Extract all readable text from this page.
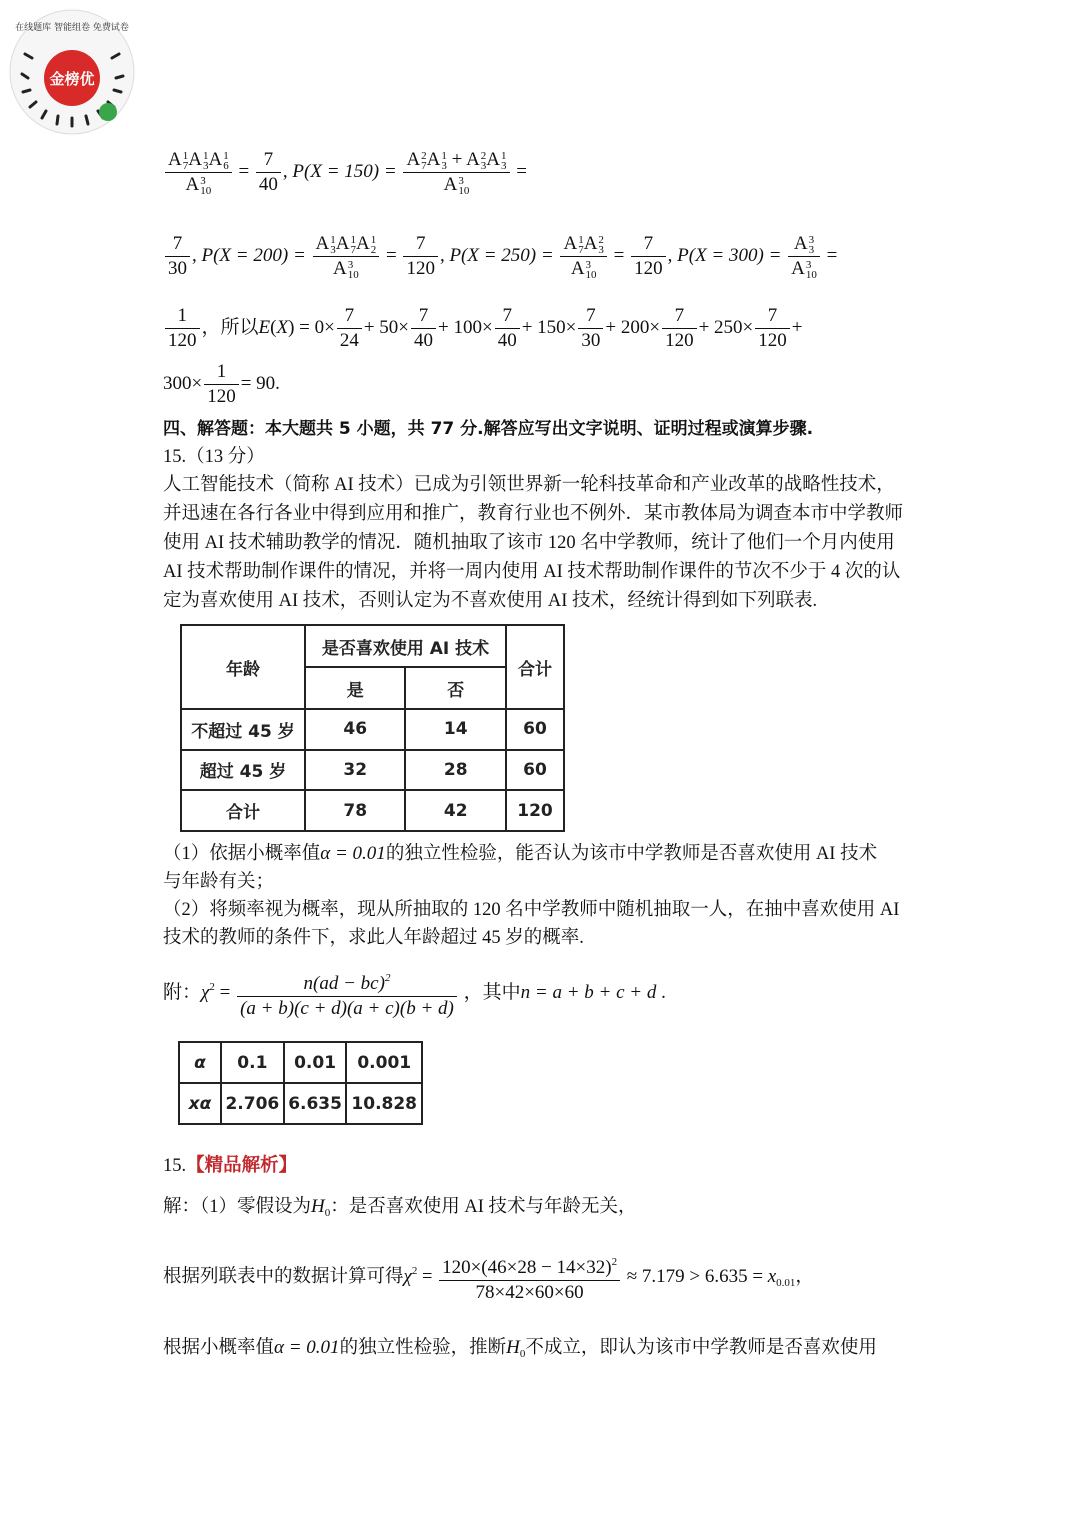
金榜优
在线题库 智能组卷 免费试卷
A 1
7 A 1
3 A 1
6
A 3
$10 = \frac{7}{40}$ , P(X = 150) = A 2
7 A 1
3 + A 2
3 A 1
3
A 3
10 =
$\frac{7}{30}$ , P(X = 200) = A 1
3 A 1
7 A 1
2
A 3
$10 = \frac{7}{120}$ , P(X = 250) = A 1
7 A 2
3
A 3
$10 = \frac{7}{120}$ , P(X = 300) = A 3
3
A 3
10 =
$\frac{1}{120}$ ，所以$E(X) = 0\times \frac{7}{24} + 50\times \frac{7}{40} + 100\times \frac{7}{40} + 150\times \frac{7}{30} + 200\times \frac{7}{120} + 250\times \frac{7}{120}$ +
$300\times \frac{1}{120} = 90$.
四、解答题：本大题共 5 小题，共 77 分.解答应写出文字说明、证明过程或演算步骤.
15.（13 分）
人工智能技术（简称 AI 技术）已成为引领世界新一轮科技革命和产业改革的战略性技术，
并迅速在各行各业中得到应用和推广，教育行业也不例外．某市教体局为调查本市中学教师
使用 AI 技术辅助教学的情况．随机抽取了该市 120 名中学教师，统计了他们一个月内使用
AI 技术帮助制作课件的情况，并将一周内使用 AI 技术帮助制作课件的节次不少于 4 次的认
定为喜欢使用 AI 技术，否则认定为不喜欢使用 AI 技术，经统计得到如下列联表.
年龄	是否喜欢使用 AI 技术		合计
	是	否	
不超过 45 岁	46	14	60
超过 45 岁	32	28	60
合计	78	42	120
（1）依据小概率值α = 0.01的独立性检验，能否认为该市中学教师是否喜欢使用 AI 技术
与年龄有关；
（2）将频率视为概率，现从所抽取的 120 名中学教师中随机抽取一人，在抽中喜欢使用 AI
技术的教师的条件下，求此人年龄超过 45 岁的概率.
附：$\chi^2 = \frac{n(ad - bc)^2}{(a + b)(c + d)(a + c)(b + d)}$ ，其中n = a + b + c + d .
α	0.1	0.01	0.001
xα	2.706	6.635	10.828
15.【精品解析】
解：（1）零假设为$H_0$：是否喜欢使用 AI 技术与年龄无关，
根据列联表中的数据计算可得$\chi^2 = \frac{120\times(46\times 28 - 14\times 32)^2}{78\times 42\times 60\times 60} \approx 7.179 > 6.635 = x_{0.01}$，
根据小概率值α = 0.01的独立性检验，推断$H_0$不成立，即认为该市中学教师是否喜欢使用
